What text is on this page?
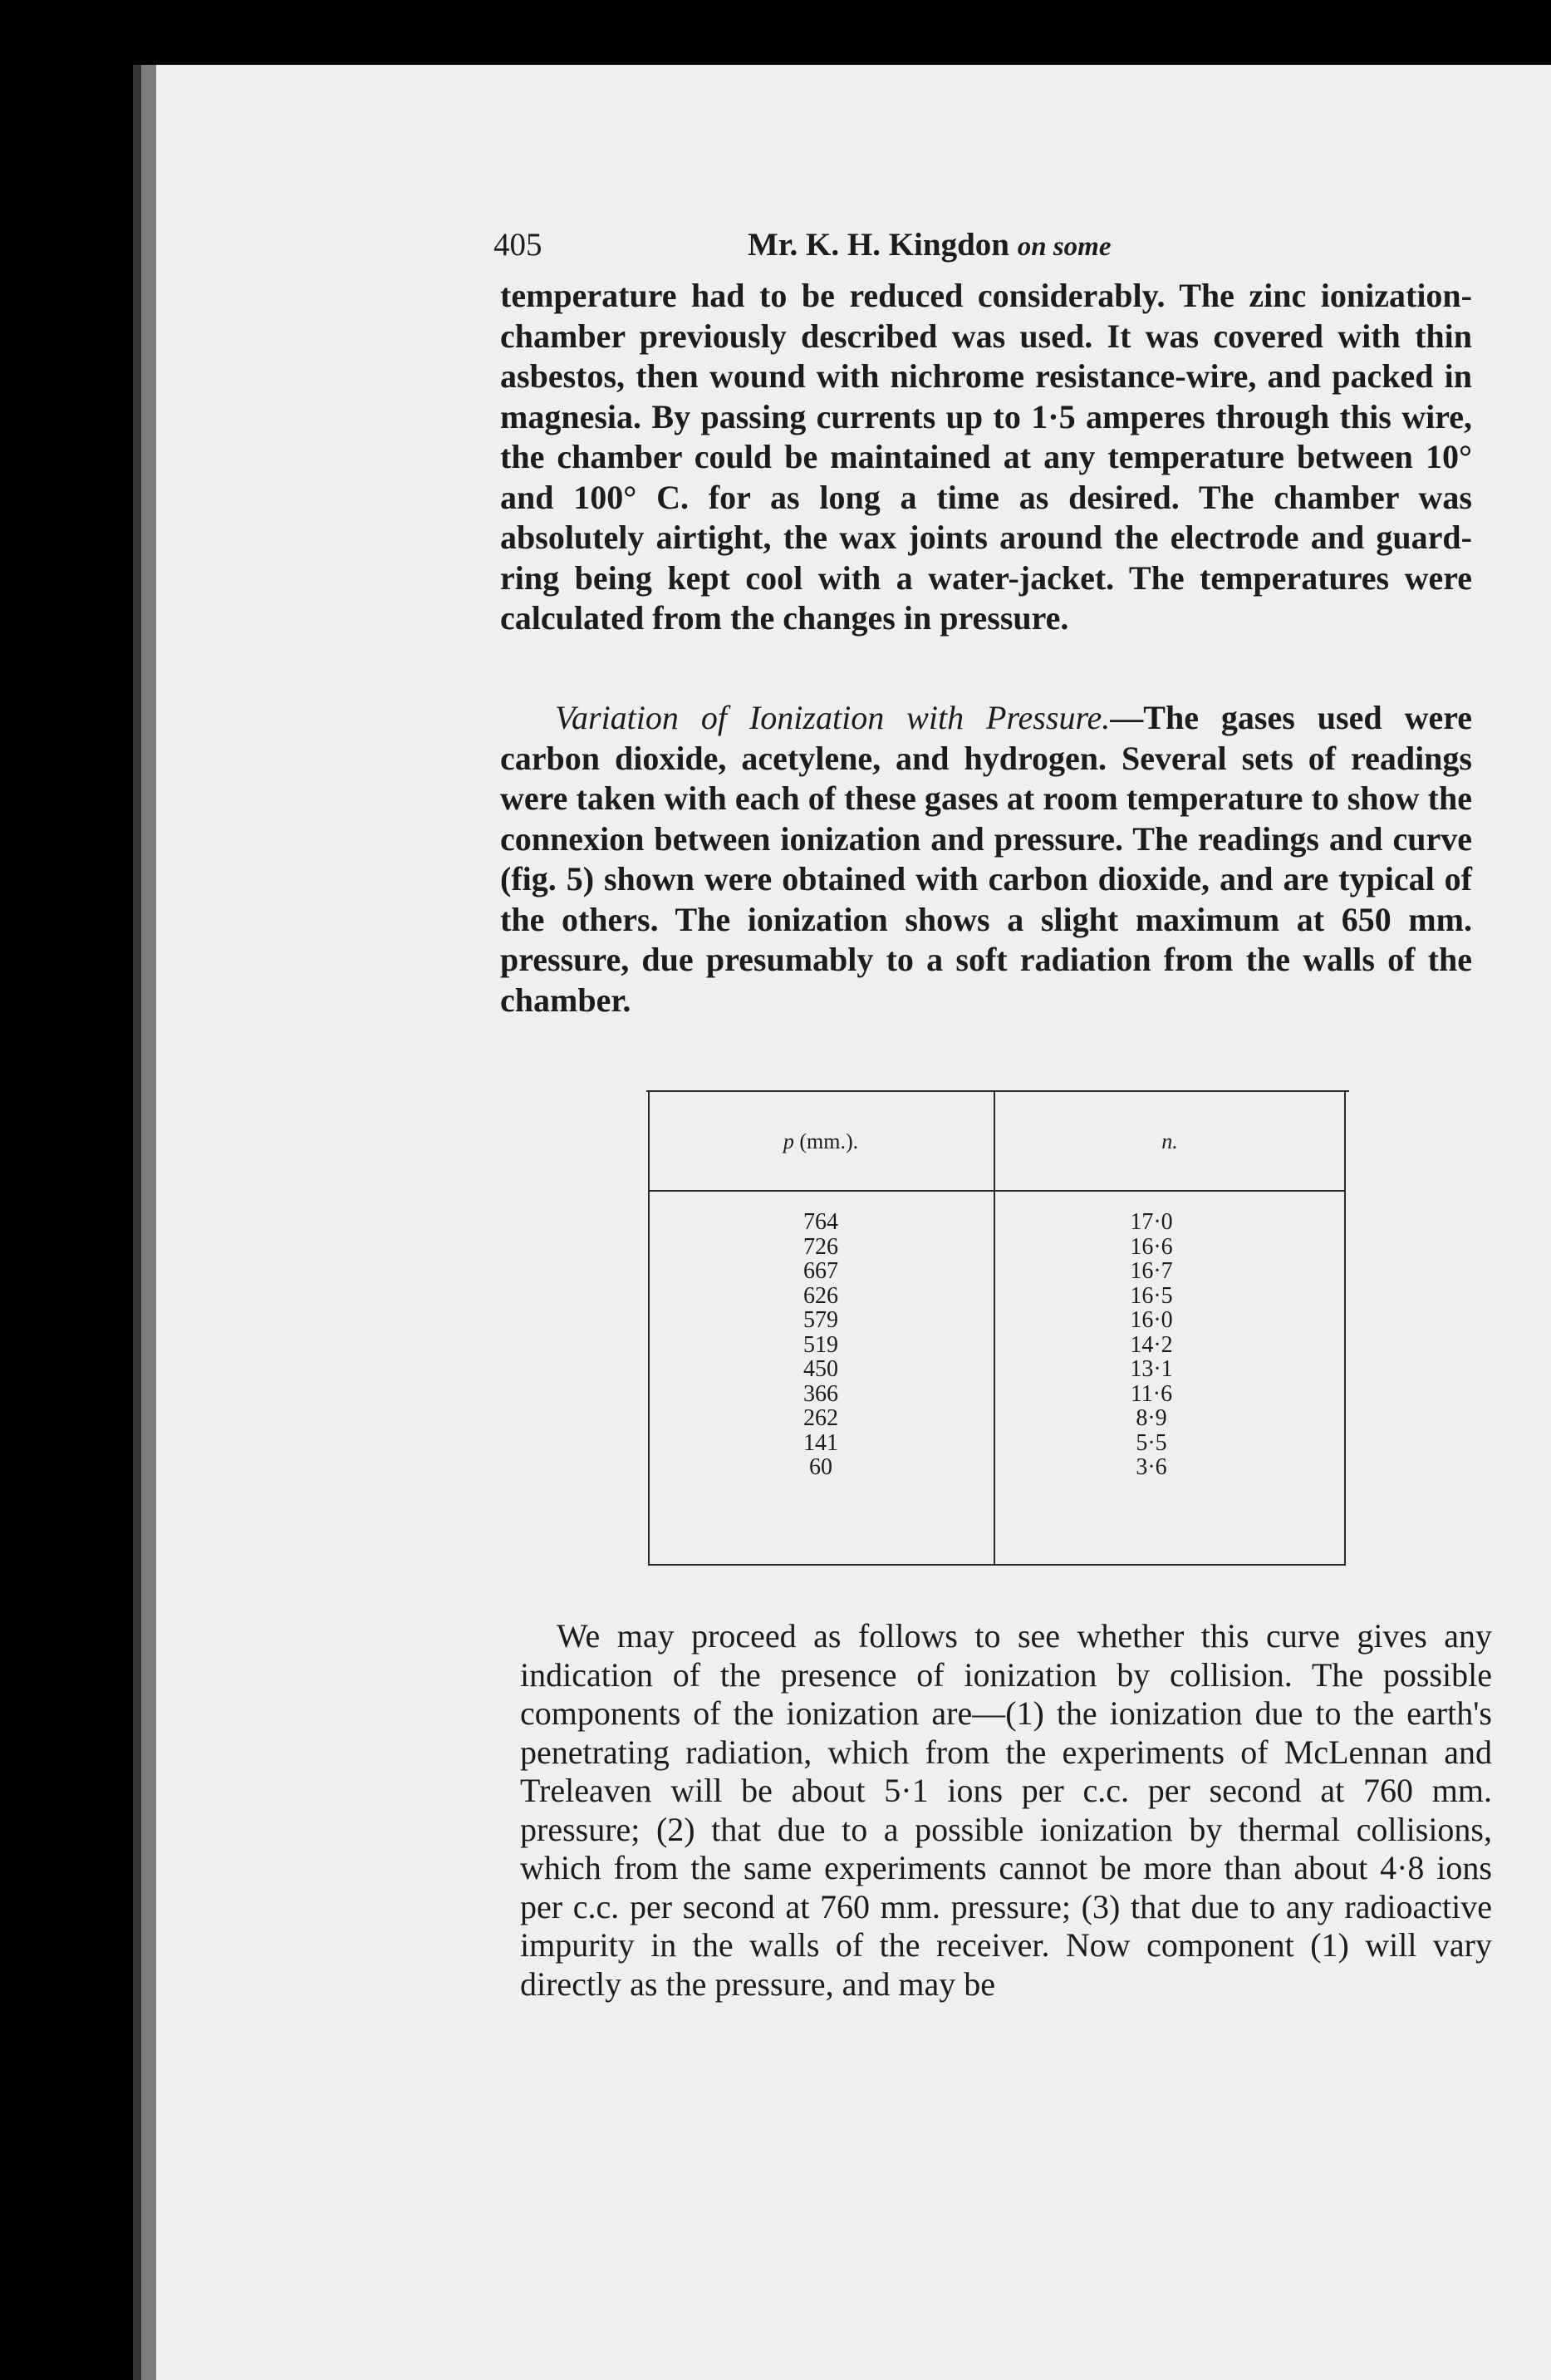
405	Mr. K. H. Kingdon on some

temperature had to be reduced considerably. The zinc ionization-chamber previously described was used. It was covered with thin asbestos, then wound with nichrome resistance-wire, and packed in magnesia. By passing currents up to 1·5 amperes through this wire, the chamber could be maintained at any temperature between 10° and 100° C. for as long a time as desired. The chamber was absolutely airtight, the wax joints around the electrode and guard-ring being kept cool with a water-jacket. The temperatures were calculated from the changes in pressure.

Variation of Ionization with Pressure.—The gases used were carbon dioxide, acetylene, and hydrogen. Several sets of readings were taken with each of these gases at room temperature to show the connexion between ionization and pressure. The readings and curve (fig. 5) shown were obtained with carbon dioxide, and are typical of the others. The ionization shows a slight maximum at 650 mm. pressure, due presumably to a soft radiation from the walls of the chamber.

p (mm.).	n.
764
726
667
626
579
519
450
366
262
141
60
17·0
16·6
16·7
16·5
16·0
14·2
13·1
11·6
8·9
5·5
3·6

We may proceed as follows to see whether this curve gives any indication of the presence of ionization by collision. The possible components of the ionization are—(1) the ionization due to the earth's penetrating radiation, which from the experiments of McLennan and Treleaven will be about 5·1 ions per c.c. per second at 760 mm. pressure; (2) that due to a possible ionization by thermal collisions, which from the same experiments cannot be more than about 4·8 ions per c.c. per second at 760 mm. pressure; (3) that due to any radioactive impurity in the walls of the receiver. Now component (1) will vary directly as the pressure, and may be
